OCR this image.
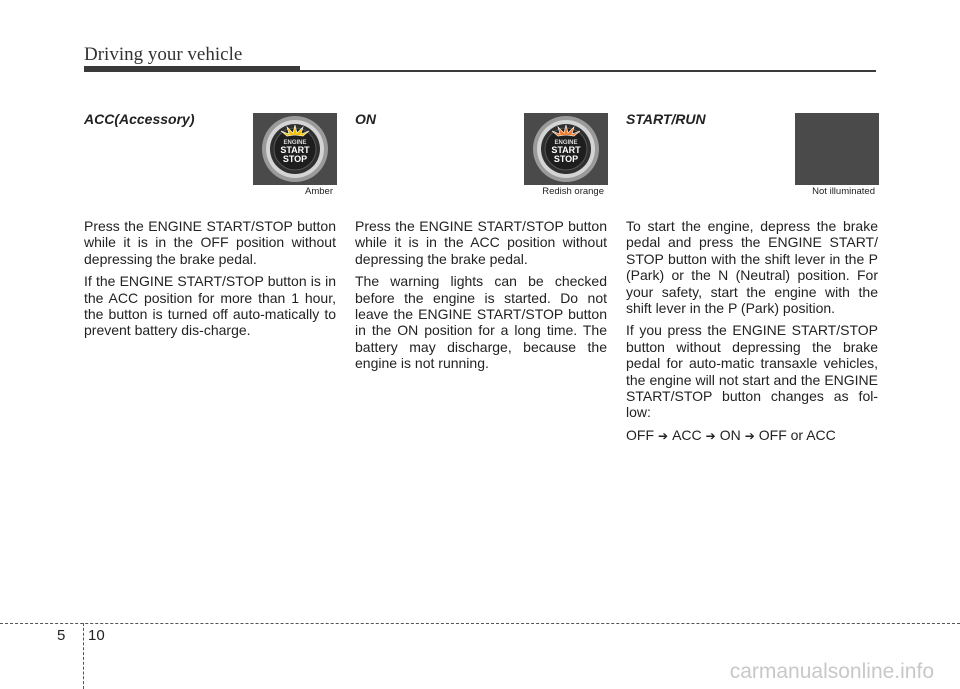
Driving your vehicle
ACC(Accessory)
ENGINE
START
STOP
Amber

Press the ENGINE START/STOP button while it is in the OFF position without depressing the brake pedal.

If the ENGINE START/STOP button is in the ACC position for more than 1 hour, the button is turned off auto-matically to prevent battery dis-charge.

ON
ENGINE
START
STOP
Redish orange

Press the ENGINE START/STOP button while it is in the ACC position without depressing the brake pedal.

The warning lights can be checked before the engine is started. Do not leave the ENGINE START/STOP button in the ON position for a long time. The battery may discharge, because the engine is not running.

START/RUN
Not illuminated

To start the engine, depress the brake pedal and press the ENGINE START/ STOP button with the shift lever in the P (Park) or the N (Neutral) position. For your safety, start the engine with the shift lever in the P (Park) position.

If you press the ENGINE START/STOP button without depressing the brake pedal for auto-matic transaxle vehicles, the engine will not start and the ENGINE START/STOP button changes as fol-low:

OFF ➔ ACC ➔ ON ➔ OFF or ACC

5 10
carmanualsonline.info
